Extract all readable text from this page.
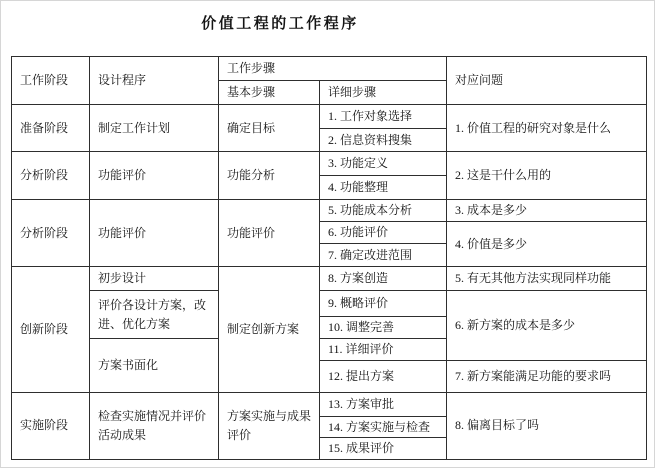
价值工程的工作程序
工作阶段	设计程序	工作步骤		对应问题
		基本步骤	详细步骤	
准备阶段	制定工作计划	确定目标	1. 工作对象选择	1. 价值工程的研究对象是什么
			2. 信息资料搜集	
分析阶段	功能评价	功能分析	3. 功能定义	2. 这是干什么用的
			4. 功能整理	
分析阶段	功能评价	功能评价	5. 功能成本分析	3. 成本是多少
			6. 功能评价	4. 价值是多少
			7. 确定改进范围	
创新阶段	初步设计	制定创新方案	8. 方案创造	5. 有无其他方法实现同样功能
	评价各设计方案，改进、优化方案		9. 概略评价	6. 新方案的成本是多少
			10. 调整完善	
	方案书面化		11. 详细评价	
			12. 提出方案	7. 新方案能满足功能的要求吗
实施阶段	检查实施情况并评价活动成果	方案实施与成果评价	13. 方案审批	8. 偏离目标了吗
			14. 方案实施与检查	
			15. 成果评价	
